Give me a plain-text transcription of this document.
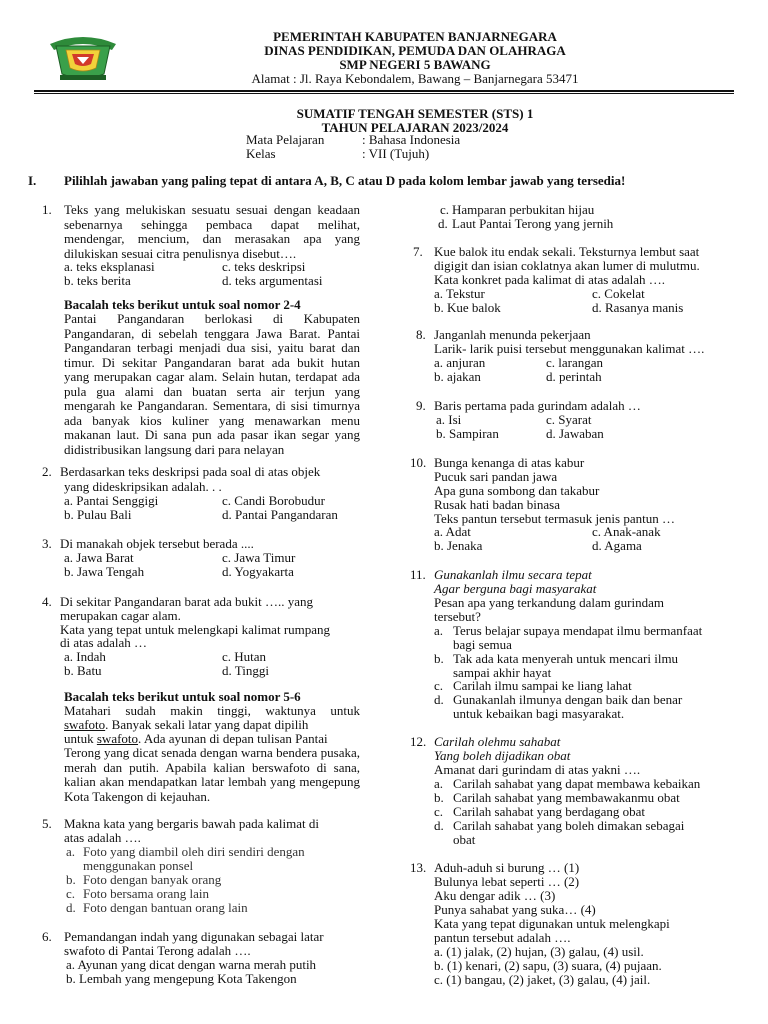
PEMERINTAH KABUPATEN BANJARNEGARA
DINAS PENDIDIKAN, PEMUDA DAN OLAHRAGA
SMP NEGERI 5 BAWANG
Alamat : Jl. Raya Kebondalem, Bawang – Banjarnegara 53471
SUMATIF TENGAH SEMESTER (STS) 1
TAHUN PELAJARAN 2023/2024
Mata Pelajaran	: Bahasa Indonesia
Kelas	: VII (Tujuh)
I. Pilihlah jawaban yang paling tepat di antara A, B, C atau D pada kolom lembar jawab yang tersedia!
1. Teks yang melukiskan sesuatu sesuai dengan keadaan sebenarnya sehingga pembaca dapat melihat, mendengar, mencium, dan merasakan apa yang dilukiskan sesuai citra penulisnya disebut….
a. teks eksplanasi
b. teks berita
c. teks deskripsi
d. teks argumentasi
Bacalah teks berikut untuk soal nomor 2-4
Pantai Pangandaran berlokasi di Kabupaten Pangandaran, di sebelah tenggara Jawa Barat. Pantai Pangandaran terbagi menjadi dua sisi, yaitu barat dan timur. Di sekitar Pangandaran barat ada bukit hutan yang merupakan cagar alam. Selain hutan, terdapat ada pula gua alami dan buatan serta air terjun yang mengarah ke Pangandaran. Sementara, di sisi timurnya ada banyak kios kuliner yang menawarkan menu makanan laut. Di sana pun ada pasar ikan segar yang didistribusikan langsung dari para nelayan
2. Berdasarkan teks deskripsi pada soal di atas objek
yang dideskripsikan adalah. . .
a. Pantai Senggigi
b. Pulau Bali
c. Candi Borobudur
d. Pantai Pangandaran
3. Di manakah objek tersebut berada ....
a. Jawa Barat
b. Jawa Tengah
c. Jawa Timur
d. Yogyakarta
4. Di sekitar Pangandaran barat ada bukit ….. yang
merupakan cagar alam.
Kata yang tepat untuk melengkapi kalimat rumpang
di atas adalah …
a. Indah
b. Batu
c. Hutan
d. Tinggi
Bacalah teks berikut untuk soal nomor 5-6
Matahari sudah makin tinggi, waktunya untuk
swafoto. Banyak sekali latar yang dapat dipilih
untuk swafoto. Ada ayunan di depan tulisan Pantai
Terong yang dicat senada dengan warna bendera pusaka, merah dan putih. Apabila kalian berswafoto di sana, kalian akan mendapatkan latar lembah yang mengepung Kota Takengon di kejauhan.
5. Makna kata yang bergaris bawah pada kalimat di
atas adalah ….
a. Foto yang diambil oleh diri sendiri dengan
menggunakan ponsel
b. Foto dengan banyak orang
c. Foto bersama orang lain
d. Foto dengan bantuan orang lain
6. Pemandangan indah yang digunakan sebagai latar
swafoto di Pantai Terong adalah ….
a. Ayunan yang dicat dengan warna merah putih
b. Lembah yang mengepung Kota Takengon
c. Hamparan perbukitan hijau
d. Laut Pantai Terong yang jernih
7. Kue balok itu endak sekali. Teksturnya lembut saat
digigit dan isian coklatnya akan lumer di mulutmu.
Kata konkret pada kalimat di atas adalah ….
a. Tekstur
b. Kue balok
c. Cokelat
d. Rasanya manis
8. Janganlah menunda pekerjaan
Larik- larik puisi tersebut menggunakan kalimat ….
a. anjuran
b. ajakan
c. larangan
d. perintah
9. Baris pertama pada gurindam adalah …
a. Isi
b. Sampiran
c. Syarat
d. Jawaban
10. Bunga kenanga di atas kabur
Pucuk sari pandan jawa
Apa guna sombong dan takabur
Rusak hati badan binasa
Teks pantun tersebut termasuk jenis pantun …
a. Adat
b. Jenaka
c. Anak-anak
d. Agama
11. Gunakanlah ilmu secara tepat
Agar berguna bagi masyarakat
Pesan apa yang terkandung dalam gurindam
tersebut?
a. Terus belajar supaya mendapat ilmu bermanfaat
bagi semua
b. Tak ada kata menyerah untuk mencari ilmu
sampai akhir hayat
c. Carilah ilmu sampai ke liang lahat
d. Gunakanlah ilmunya dengan baik dan benar
untuk kebaikan bagi masyarakat.
12. Carilah olehmu sahabat
Yang boleh dijadikan obat
Amanat dari gurindam di atas yakni ….
a. Carilah sahabat yang dapat membawa kebaikan
b. Carilah sahabat yang membawakanmu obat
c. Carilah sahabat yang berdagang obat
d. Carilah sahabat yang boleh dimakan sebagai
obat
13. Aduh-aduh si burung … (1)
Bulunya lebat seperti … (2)
Aku dengar adik … (3)
Punya sahabat yang suka… (4)
Kata yang tepat digunakan untuk melengkapi
pantun tersebut adalah ….
a. (1) jalak, (2) hujan, (3) galau, (4) usil.
b. (1) kenari, (2) sapu, (3) suara, (4) pujaan.
c. (1) bangau, (2) jaket, (3) galau, (4) jail.
